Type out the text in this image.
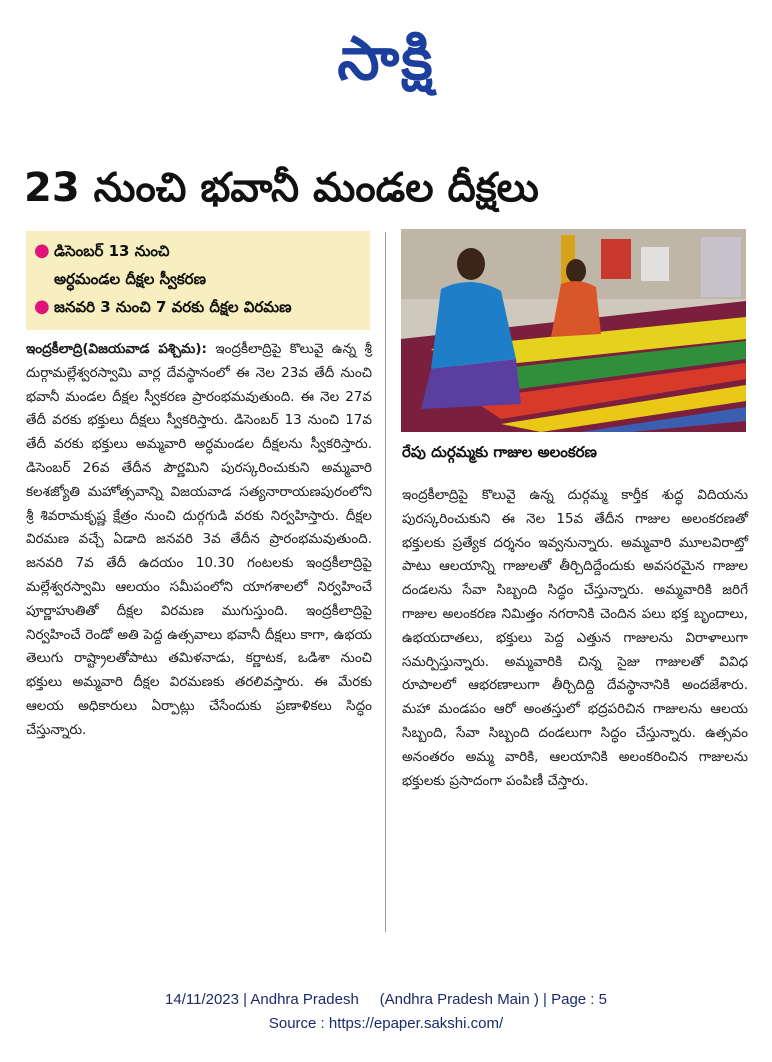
సాక్షి
23 నుంచి భవానీ మండల దీక్షలు
● డిసెంబర్ 13 నుంచి
అర్ధమండల దీక్షల స్వీకరణ
● జనవరి 3 నుంచి 7 వరకు దీక్షల విరమణ
రేపు దుర్గమ్మకు గాజుల అలంకరణ

ఇంద్రకీలాద్రి(విజయవాడ పశ్చిమ): ఇంద్రకీలాద్రిపై కొలువై ఉన్న శ్రీ దుర్గామల్లేశ్వరస్వామి వార్ల దేవస్థానంలో ఈ నెల 23వ తేదీ నుంచి భవానీ మండల దీక్షల స్వీకరణ ప్రారంభమవుతుంది. ఈ నెల 27వ తేదీ వరకు భక్తులు దీక్షలు స్వీకరిస్తారు. డిసెంబర్ 13 నుంచి 17వ తేదీ వరకు భక్తులు అమ్మవారి అర్ధమండల దీక్షలను స్వీకరిస్తారు. డిసెంబర్ 26వ తేదీన పౌర్ణమిని పురస్కరించుకుని అమ్మవారి కలశజ్యోతి మహోత్సవాన్ని విజయవాడ సత్యనారాయణపురంలోని శ్రీ శివరామకృష్ణ క్షేత్రం నుంచి దుర్గగుడి వరకు నిర్వహిస్తారు. దీక్షల విరమణ వచ్చే ఏడాది జనవరి 3వ తేదీన ప్రారంభమవుతుంది. జనవరి 7వ తేదీ ఉదయం 10.30 గంటలకు ఇంద్రకీలాద్రిపై మల్లేశ్వరస్వామి ఆలయం సమీపంలోని యాగశాలలో నిర్వహించే పూర్ణాహుతితో దీక్షల విరమణ ముగుస్తుంది. ఇంద్రకీలాద్రిపై నిర్వహించే రెండో అతి పెద్ద ఉత్సవాలు భవానీ దీక్షలు కాగా, ఉభయ తెలుగు రాష్ట్రాలతోపాటు తమిళనాడు, కర్ణాటక, ఒడిశా నుంచి భక్తులు అమ్మవారి దీక్షల విరమణకు తరలివస్తారు. ఈ మేరకు ఆలయ అధికారులు ఏర్పాట్లు చేసేందుకు ప్రణాళికలు సిద్ధం చేస్తున్నారు.

ఇంద్రకీలాద్రిపై కొలువై ఉన్న దుర్గమ్మ కార్తీక శుద్ధ విదియను పురస్కరించుకుని ఈ నెల 15వ తేదీన గాజుల అలంకరణతో భక్తులకు ప్రత్యేక దర్శనం ఇవ్వనున్నారు. అమ్మవారి మూలవిరాట్తో పాటు ఆలయాన్ని గాజులతో తీర్చిదిద్దేందుకు అవసరమైన గాజుల దండలను సేవా సిబ్బంది సిద్ధం చేస్తున్నారు. అమ్మవారికి జరిగే గాజుల అలంకరణ నిమిత్తం నగరానికి చెందిన పలు భక్త బృందాలు, ఉభయదాతలు, భక్తులు పెద్ద ఎత్తున గాజులను విరాళాలుగా సమర్పిస్తున్నారు. అమ్మవారికి చిన్న సైజు గాజులతో వివిధ రూపాలలో ఆభరణాలుగా తీర్చిదిద్ది దేవస్థానానికి అందజేశారు. మహా మండపం ఆరో అంతస్తులో భద్రపరిచిన గాజులను ఆలయ సిబ్బంది, సేవా సిబ్బంది దండలుగా సిద్ధం చేస్తున్నారు. ఉత్సవం అనంతరం అమ్మ వారికి, ఆలయానికి అలంకరించిన గాజులను భక్తులకు ప్రసాదంగా పంపిణీ చేస్తారు.

14/11/2023 | Andhra Pradesh     (Andhra Pradesh Main ) | Page : 5
Source : https://epaper.sakshi.com/
